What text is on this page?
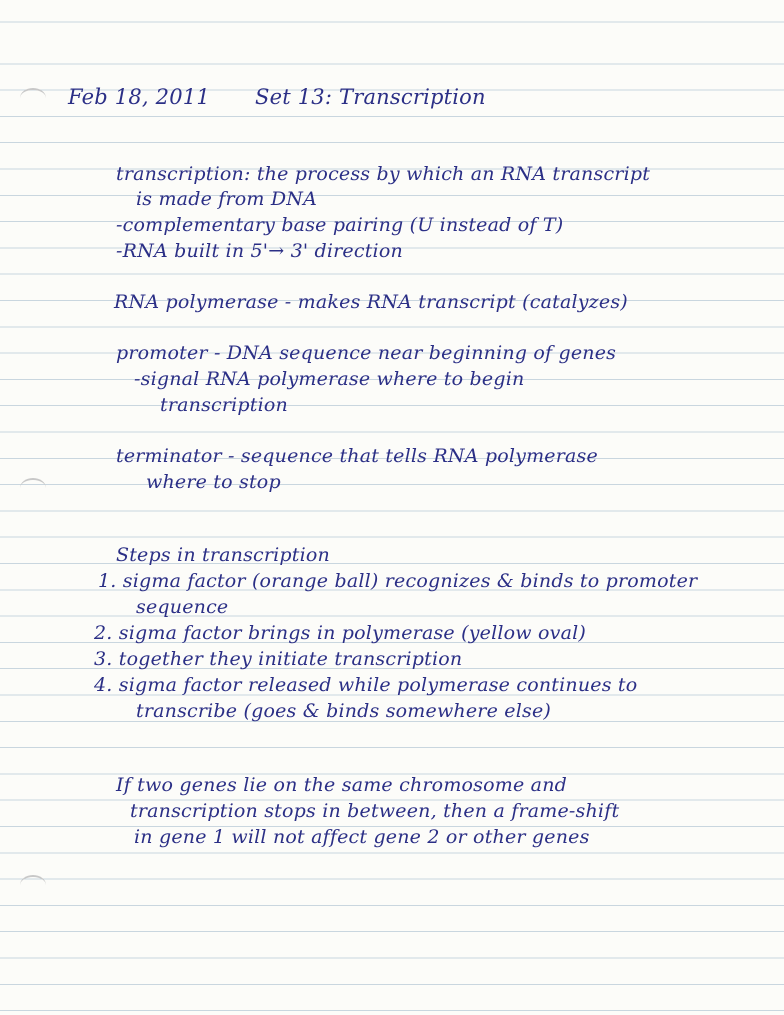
Feb 18, 2011 Set 13: Transcription
transcription: the process by which an RNA transcript
is made from DNA
-complementary base pairing (U instead of T)
-RNA built in 5'→ 3' direction
RNA polymerase - makes RNA transcript (catalyzes)
promoter - DNA sequence near beginning of genes
-signal RNA polymerase where to begin
transcription
terminator - sequence that tells RNA polymerase
where to stop
Steps in transcription
1. sigma factor (orange ball) recognizes & binds to promoter
sequence
2. sigma factor brings in polymerase (yellow oval)
3. together they initiate transcription
4. sigma factor released while polymerase continues to
transcribe (goes & binds somewhere else)
If two genes lie on the same chromosome and
transcription stops in between, then a frame-shift
in gene 1 will not affect gene 2 or other genes
